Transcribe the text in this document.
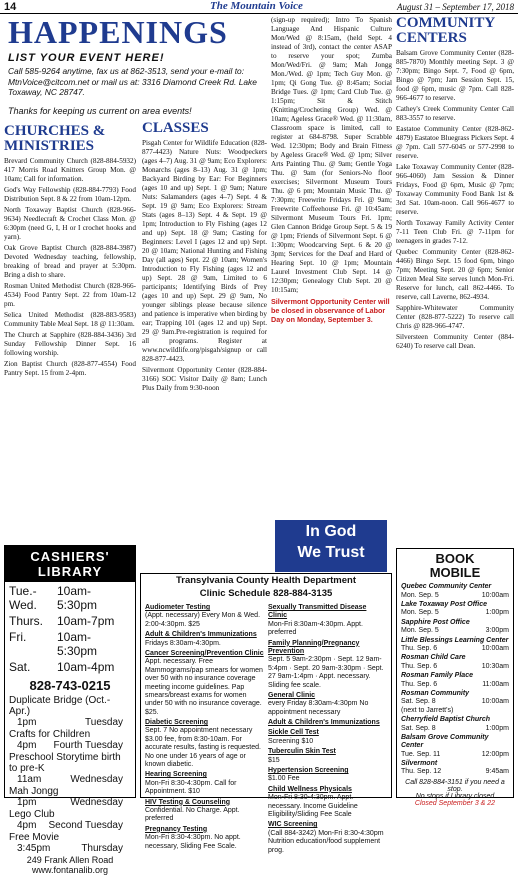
14	The Mountain Voice	August 31 – September 17, 2018
HAPPENINGS
LIST YOUR EVENT HERE!
Call 585-9264 anytime, fax us at 862-3513, send your e-mail to: MtnVoice@citcom.net or mail us at: 3316 Diamond Creek Rd. Lake Toxaway, NC 28747.
Thanks for keeping us current on area events!
CHURCHES & MINISTRIES
Brevard Community Church (828-884-5932) 417 Morris Road Knitters Group Mon. @ 10am; Call for information.
God's Way Fellowship (828-884-7793) Food Distribution Sept. 8 & 22 from 10am-12pm.
North Toxaway Baptist Church (828-966-9634) Needlecraft & Crochet Class Mon. @ 6:30pm (need G, I, H or I crochet hooks and yarn).
Oak Grove Baptist Church (828-884-3987) Devoted Wednesday teaching, fellowship, breaking of bread and prayer at 5:30pm. Bring a dish to share.
Rosman United Methodist Church (828-966-4534) Food Pantry Sept. 22 from 10am-12 pm.
Selica United Methodist (828-883-9583) Community Table Meal Sept. 18 @ 11:30am.
The Church at Sapphire (828-884-3436) 3rd Sunday Fellowship Dinner Sept. 16 following worship.
Zion Baptist Church (828-877-4554) Food Pantry Sept. 15 from 2-4pm.
CLASSES
Pisgah Center for Wildlife Education (828-877-4423) Nature Nuts: Woodpeckers (ages 4–7) Aug. 31 @ 9am; Eco Explorers: Monarchs (ages 8–13) Aug. 31 @ 1pm; Backyard Birding by Ear: For Beginners (ages 10 and up) Sept. 1 @ 9am; Nature Nuts: Salamanders (ages 4–7) Sept. 4 & Sept. 19 @ 9am; Eco Explorers: Stream Stats (ages 8–13) Sept. 4 & Sept. 19 @ 1pm; Introduction to Fly Fishing (ages 12 and up) Sept. 18 @ 9am; Casting for Beginners: Level I (ages 12 and up) Sept. 20 @ 10am; National Hunting and Fishing Day (all ages) Sept. 22 @ 10am; Women's Introduction to Fly Fishing (ages 12 and up) Sept. 28 @ 9am, Limited to 6 participants; Identifying Birds of Prey (ages 10 and up) Sept. 29 @ 9am, No younger siblings please because silence and patience is imperative when birding by ear; Trapping 101 (ages 12 and up) Sept. 29 @ 9am.Pre-registration is required for all programs. Register at www.ncwildlife.org/pisgah/signup or call 828-877-4423.
Silvermont Opportunity Center (828-884-3166) SOC Visitor Daily @ 8am; Lunch Plus Daily from 9:30-noon
(sign-up required); Intro To Spanish Language And Hispanic Culture Mon/Wed @ 8:15am, (held Sept. 4 instead of 3rd), contact the center ASAP to reserve your spot; Zumba Mon/Wed/Fri. @ 9am; Mah Jongg Mon./Wed. @ 1pm; Tech Guy Mon. @ 1pm; Qi Gong Tue. @ 8:45am; Social Bridge Tues. @ 1pm; Card Club Tue. @ 1:15pm; Sit & Stitch (Knitting/Crocheting Group) Wed. @ 10am; Ageless Grace® Wed. @ 11:30am, Classroom space is limited, call to register at 684-8798. Super Scrabble Wed. 12:30pm; Body and Brain Fitness by Ageless Grace® Wed. @ 1pm; Silver Arts Painting Thu. @ 9am; Gentle Yoga Thu. @ 9am (for Seniors-No floor exercises; Silvermont Museum Tours Thu. @ 6 pm; Mountain Music Thu. @ 7:30pm; Freewrite Fridays Fri. @ 9am; Freewrite Coffeehouse Fri. @ 10:45am; Silvermont Museum Tours Fri. 1pm; Glen Cannon Bridge Group Sept. 5 & 19 @ 1pm; Friends of Silvermont Sept. 6 @ 1:30pm; Woodcarving Sept. 6 & 20 @ 3pm; Services for the Deaf and Hard of Hearing Sept. 10 @ 1pm; Mountain Laurel Investment Club Sept. 14 @ 12:30pm; Genealogy Club Sept. 20 @ 10:15am;
Silvermont Opportunity Center will be closed in observance of Labor Day on Monday, September 3.
In God
We Trust
COMMUNITY CENTERS
Balsam Grove Community Center (828-885-7870) Monthly meeting Sept. 3 @ 7:30pm; Bingo Sept. 7, Food @ 6pm, Bingo @ 7pm; Jam Session Sept. 15, food @ 6pm, music @ 7pm. Call 828-966-4677 to reserve.
Cathey's Creek Community Center Call 883-3557 to reserve.
Eastatoe Community Center (828-862-4879) Eastatoe Bluegrass Pickers Sept. 4 @ 7pm. Call 577-6045 or 577-2998 to reserve.
Lake Toxaway Community Center (828-966-4060) Jam Session & Dinner Fridays, Food @ 6pm, Music @ 7pm; Toxaway Community Food Bank 1st & 3rd Sat. 10am-noon. Call 966-4677 to reserve.
North Toxaway Family Activity Center 7-11 Teen Club Fri. @ 7-11pm for teenagers in grades 7-12.
Quebec Community Center (828-862-4466) Bingo Sept. 15 food 6pm, bingo 7pm; Meeting Sept. 20 @ 6pm; Senior Citizen Meal Site serves lunch Mon-Fri. Reserve for lunch, call 862-4466. To reserve, call Laverne, 862-4934.
Sapphire-Whitewater Community Center (828-877-5222) To reserve call Chris @ 828-966-4747.
Silversteen Community Center (884-6240) To reserve call Dean.
CASHIERS' LIBRARY
Tue.-Wed.
10am-5:30pm
Thurs.	10am-7pm
Fri.	10am-5:30pm
Sat.	10am-4pm
828-743-0215
Duplicate Bridge (Oct.-Apr.)
1pm	Tuesday
Crafts for Children
4pm Fourth Tuesday
Preschool Storytime birth to pre-K
11am	Wednesday
Mah Jongg
1pm	Wednesday
Lego Club
4pm Second Tuesday
Free Movie
3:45pm	Thursday
249 Frank Allen Road
www.fontanalib.org
Transylvania County Health Department
Clinic Schedule 828-884-3135
Audiometer Testing
(Appt. necessary) Every Mon & Wed. 2:00-4:30pm. $25
Adult & Children's Immunizations
Fridays 8:30am-4:30pm.
Cancer Screening/Prevention Clinic
Appt. necessary. Free Mammograms/pap smears for women over 50 with no insurance coverage meeting income guidelines. Pap smears/breast exams for women under 50 with no insurance coverage. $25.
Diabetic Screening
Sept. 7 No appointment necessary $3.00 fee, from 8:30-10am. For accurate results, fasting is requested. No one under 16 years of age or known diabetic.
Hearing Screening
Mon-Fri 8:30-4:30pm. Call for Appointment. $10
HIV Testing & Counseling
Confidential. No Charge. Appt. preferred
Pregnancy Testing
Mon-Fri 8:30-4:30pm. No appt. necessary, Sliding Fee Scale.
Sexually Transmitted Disease Clinic
Mon-Fri 8:30am-4:30pm. Appt. preferred
Family Planning/Pregnancy Prevention
Sept. 5 9am-2:30pm · Sept. 12 9am-5:4pm · Sept. 20 9am-3:30pm · Sept. 27 9am-1:4pm · Appt. necessary. Sliding fee scale.
General Clinic
every Friday 8:30am-4:30pm No appointment necessary
Adult & Children's Immunizations
Sickle Cell Test
Screening $10
Tuberculin Skin Test
$15
Hypertension Screening
$1.00 Fee
Child Wellness Physicals
Mon-Fri 8:30-4:30pm. Appt. necessary. Income Guideline Eligibility/Sliding Fee Scale
WIC Screening
(Call 884-3242) Mon-Fri 8:30-4:30pm Nutrition education/food supplement prog.
BOOK
MOBILE
Quebec Community Center
Mon. Sep. 5	10:00am
Lake Toxaway Post Office
Mon. Sep. 5	1:00pm
Sapphire Post Office
Mon. Sep. 5	3:00pm
Little Blessings Learning Center
Thu. Sep. 6	10:00am
Rosman Child Care
Thu. Sep. 6	10:30am
Rosman Family Place
Thu. Sep. 6	11:00am
Rosman Community
Sat. Sep. 8	10:00am
(next to Jarrett's)
Cherryfield Baptist Church
Sat. Sep. 8	1:00pm
Balsam Grove Community Center
Tue. Sep. 11	12:00pm
Silvermont
Thu. Sep. 12	9:45am
Call 828-884-3151 if you need a stop.
No stops if Library closed
Closed September 3 & 22
